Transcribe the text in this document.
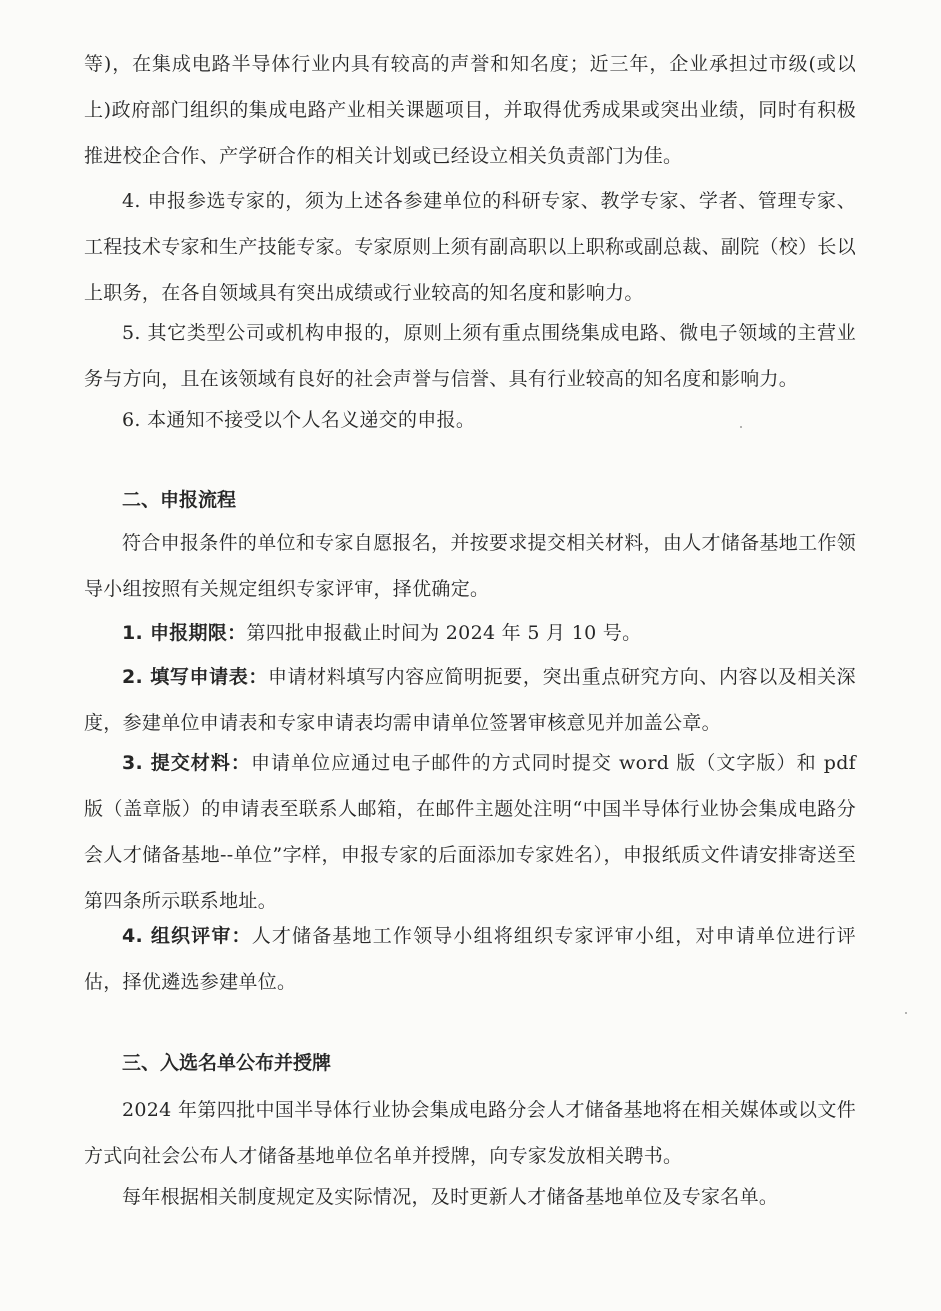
等)，在集成电路半导体行业内具有较高的声誉和知名度；近三年，企业承担过市级(或以上)政府部门组织的集成电路产业相关课题项目，并取得优秀成果或突出业绩，同时有积极推进校企合作、产学研合作的相关计划或已经设立相关负责部门为佳。
4. 申报参选专家的，须为上述各参建单位的科研专家、教学专家、学者、管理专家、工程技术专家和生产技能专家。专家原则上须有副高职以上职称或副总裁、副院（校）长以上职务，在各自领域具有突出成绩或行业较高的知名度和影响力。
5. 其它类型公司或机构申报的，原则上须有重点围绕集成电路、微电子领域的主营业务与方向，且在该领域有良好的社会声誉与信誉、具有行业较高的知名度和影响力。
6. 本通知不接受以个人名义递交的申报。
二、申报流程
符合申报条件的单位和专家自愿报名，并按要求提交相关材料，由人才储备基地工作领导小组按照有关规定组织专家评审，择优确定。
1. 申报期限：第四批申报截止时间为 2024 年 5 月 10 号。
2. 填写申请表：申请材料填写内容应简明扼要，突出重点研究方向、内容以及相关深度，参建单位申请表和专家申请表均需申请单位签署审核意见并加盖公章。
3. 提交材料：申请单位应通过电子邮件的方式同时提交 word 版（文字版）和 pdf 版（盖章版）的申请表至联系人邮箱，在邮件主题处注明“中国半导体行业协会集成电路分会人才储备基地--单位”字样，申报专家的后面添加专家姓名），申报纸质文件请安排寄送至第四条所示联系地址。
4. 组织评审：人才储备基地工作领导小组将组织专家评审小组，对申请单位进行评估，择优遴选参建单位。
三、入选名单公布并授牌
2024 年第四批中国半导体行业协会集成电路分会人才储备基地将在相关媒体或以文件方式向社会公布人才储备基地单位名单并授牌，向专家发放相关聘书。
每年根据相关制度规定及实际情况，及时更新人才储备基地单位及专家名单。
